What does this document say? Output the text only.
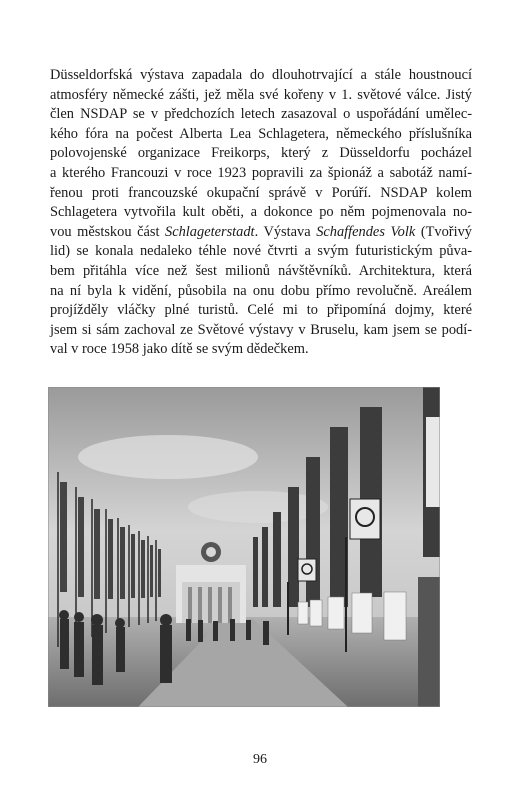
Düsseldorfská výstava zapadala do dlouhotrvající a stále houstnoucí
atmosféry německé zášti, jež měla své kořeny v 1. světové válce. Jistý
člen NSDAP se v předchozích letech zasazoval o uspořádání umělec-
kého fóra na počest Alberta Lea Schlagetera, německého příslušníka
polovojenské organizace Freikorps, který z Düsseldorfu pocházel
a kterého Francouzi v roce 1923 popravili za špionáž a sabotáž namí-
řenou proti francouzské okupační správě v Porúří. NSDAP kolem
Schlagetera vytvořila kult oběti, a dokonce po něm pojmenovala no-
vou městskou část Schlageterstadt. Výstava Schaffendes Volk (Tvořivý
lid) se konala nedaleko téhle nové čtvrti a svým futuristickým půva-
bem přitáhla více než šest milionů návštěvníků. Architektura, která
na ní byla k vidění, působila na onu dobu přímo revolučně. Areálem
projížděly vláčky plné turistů. Celé mi to připomíná dojmy, které
jsem si sám zachoval ze Světové výstavy v Bruselu, kam jsem se podí-
val v roce 1958 jako dítě se svým dědečkem.
96
